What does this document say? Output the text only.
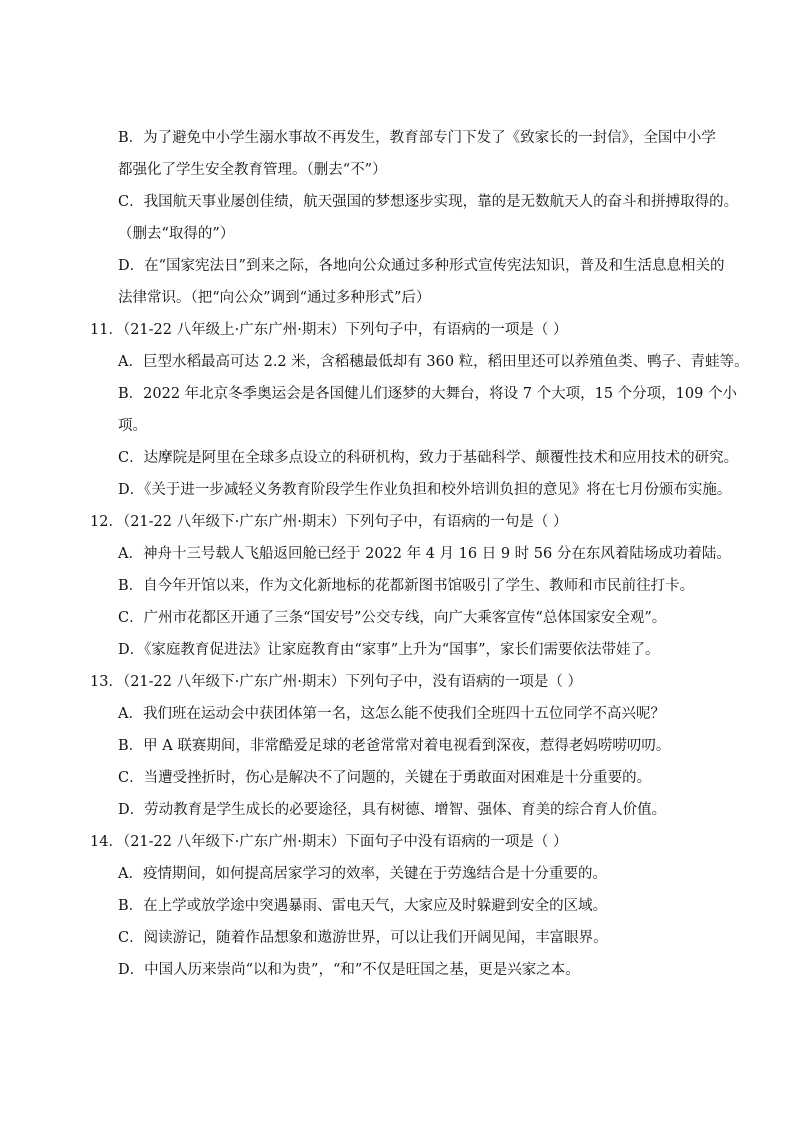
B．为了避免中小学生溺水事故不再发生，教育部专门下发了《致家长的一封信》，全国中小学
都强化了学生安全教育管理。（删去“不”）
C．我国航天事业屡创佳绩，航天强国的梦想逐步实现，靠的是无数航天人的奋斗和拼搏取得的。
（删去“取得的”）
D．在“国家宪法日”到来之际，各地向公众通过多种形式宣传宪法知识，普及和生活息息相关的
法律常识。（把“向公众”调到“通过多种形式”后）
11．（21-22 八年级上·广东广州·期末）下列句子中，有语病的一项是（ ）
A．巨型水稻最高可达 2.2 米，含稻穗最低却有 360 粒，稻田里还可以养殖鱼类、鸭子、青蛙等。
B．2022 年北京冬季奥运会是各国健儿们逐梦的大舞台，将设 7 个大项，15 个分项，109 个小
项。
C．达摩院是阿里在全球多点设立的科研机构，致力于基础科学、颠覆性技术和应用技术的研究。
D．《关于进一步减轻义务教育阶段学生作业负担和校外培训负担的意见》将在七月份颁布实施。
12．（21-22 八年级下·广东广州·期末）下列句子中，有语病的一句是（ ）
A．神舟十三号载人飞船返回舱已经于 2022 年 4 月 16 日 9 时 56 分在东风着陆场成功着陆。
B．自今年开馆以来，作为文化新地标的花都新图书馆吸引了学生、教师和市民前往打卡。
C．广州市花都区开通了三条“国安号”公交专线，向广大乘客宣传“总体国家安全观”。
D．《家庭教育促进法》让家庭教育由“家事”上升为“国事”，家长们需要依法带娃了。
13．（21-22 八年级下·广东广州·期末）下列句子中，没有语病的一项是（ ）
A．我们班在运动会中获团体第一名，这怎么能不使我们全班四十五位同学不高兴呢？
B．甲 A 联赛期间，非常酷爱足球的老爸常常对着电视看到深夜，惹得老妈唠唠叨叨。
C．当遭受挫折时，伤心是解决不了问题的，关键在于勇敢面对困难是十分重要的。
D．劳动教育是学生成长的必要途径，具有树德、增智、强体、育美的综合育人价值。
14．（21-22 八年级下·广东广州·期末）下面句子中没有语病的一项是（ ）
A．疫情期间，如何提高居家学习的效率，关键在于劳逸结合是十分重要的。
B．在上学或放学途中突遇暴雨、雷电天气，大家应及时躲避到安全的区域。
C．阅读游记，随着作品想象和遨游世界，可以让我们开阔见闻，丰富眼界。
D．中国人历来崇尚“以和为贵”，“和”不仅是旺国之基，更是兴家之本。
